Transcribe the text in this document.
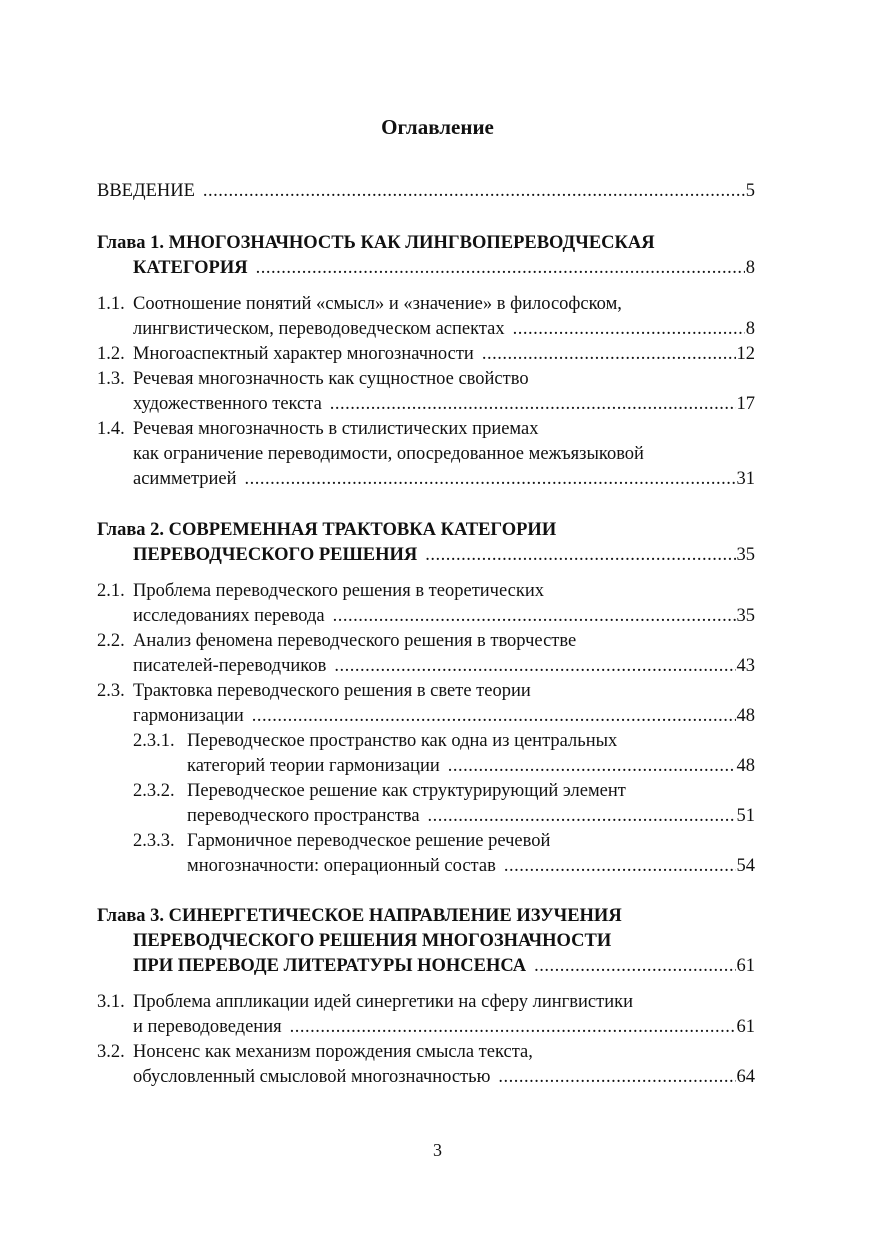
Оглавление
ВВЕДЕНИЕ .....	5
Глава 1. МНОГОЗНАЧНОСТЬ КАК ЛИНГВОПЕРЕВОДЧЕСКАЯ
КАТЕГОРИЯ .....	8
1.1. Соотношение понятий «смысл» и «значение» в философском,
лингвистическом, переводоведческом аспектах .....	8
1.2. Многоаспектный характер многозначности .....	12
1.3. Речевая многозначность как сущностное свойство
художественного текста .....	17
1.4. Речевая многозначность в стилистических приемах
как ограничение переводимости, опосредованное межъязыковой
асимметрией .....	31
Глава 2. СОВРЕМЕННАЯ ТРАКТОВКА КАТЕГОРИИ
ПЕРЕВОДЧЕСКОГО РЕШЕНИЯ .....	35
2.1. Проблема переводческого решения в теоретических
исследованиях перевода .....	35
2.2. Анализ феномена переводческого решения в творчестве
писателей-переводчиков .....	43
2.3. Трактовка переводческого решения в свете теории
гармонизации .....	48
2.3.1. Переводческое пространство как одна из центральных
категорий теории гармонизации .....	48
2.3.2. Переводческое решение как структурирующий элемент
переводческого пространства .....	51
2.3.3. Гармоничное переводческое решение речевой
многозначности: операционный состав .....	54
Глава 3. СИНЕРГЕТИЧЕСКОЕ НАПРАВЛЕНИЕ ИЗУЧЕНИЯ
ПЕРЕВОДЧЕСКОГО РЕШЕНИЯ МНОГОЗНАЧНОСТИ
ПРИ ПЕРЕВОДЕ ЛИТЕРАТУРЫ НОНСЕНСА .....	61
3.1. Проблема аппликации идей синергетики на сферу лингвистики
и переводоведения .....	61
3.2. Нонсенс как механизм порождения смысла текста,
обусловленный смысловой многозначностью .....	64
3
